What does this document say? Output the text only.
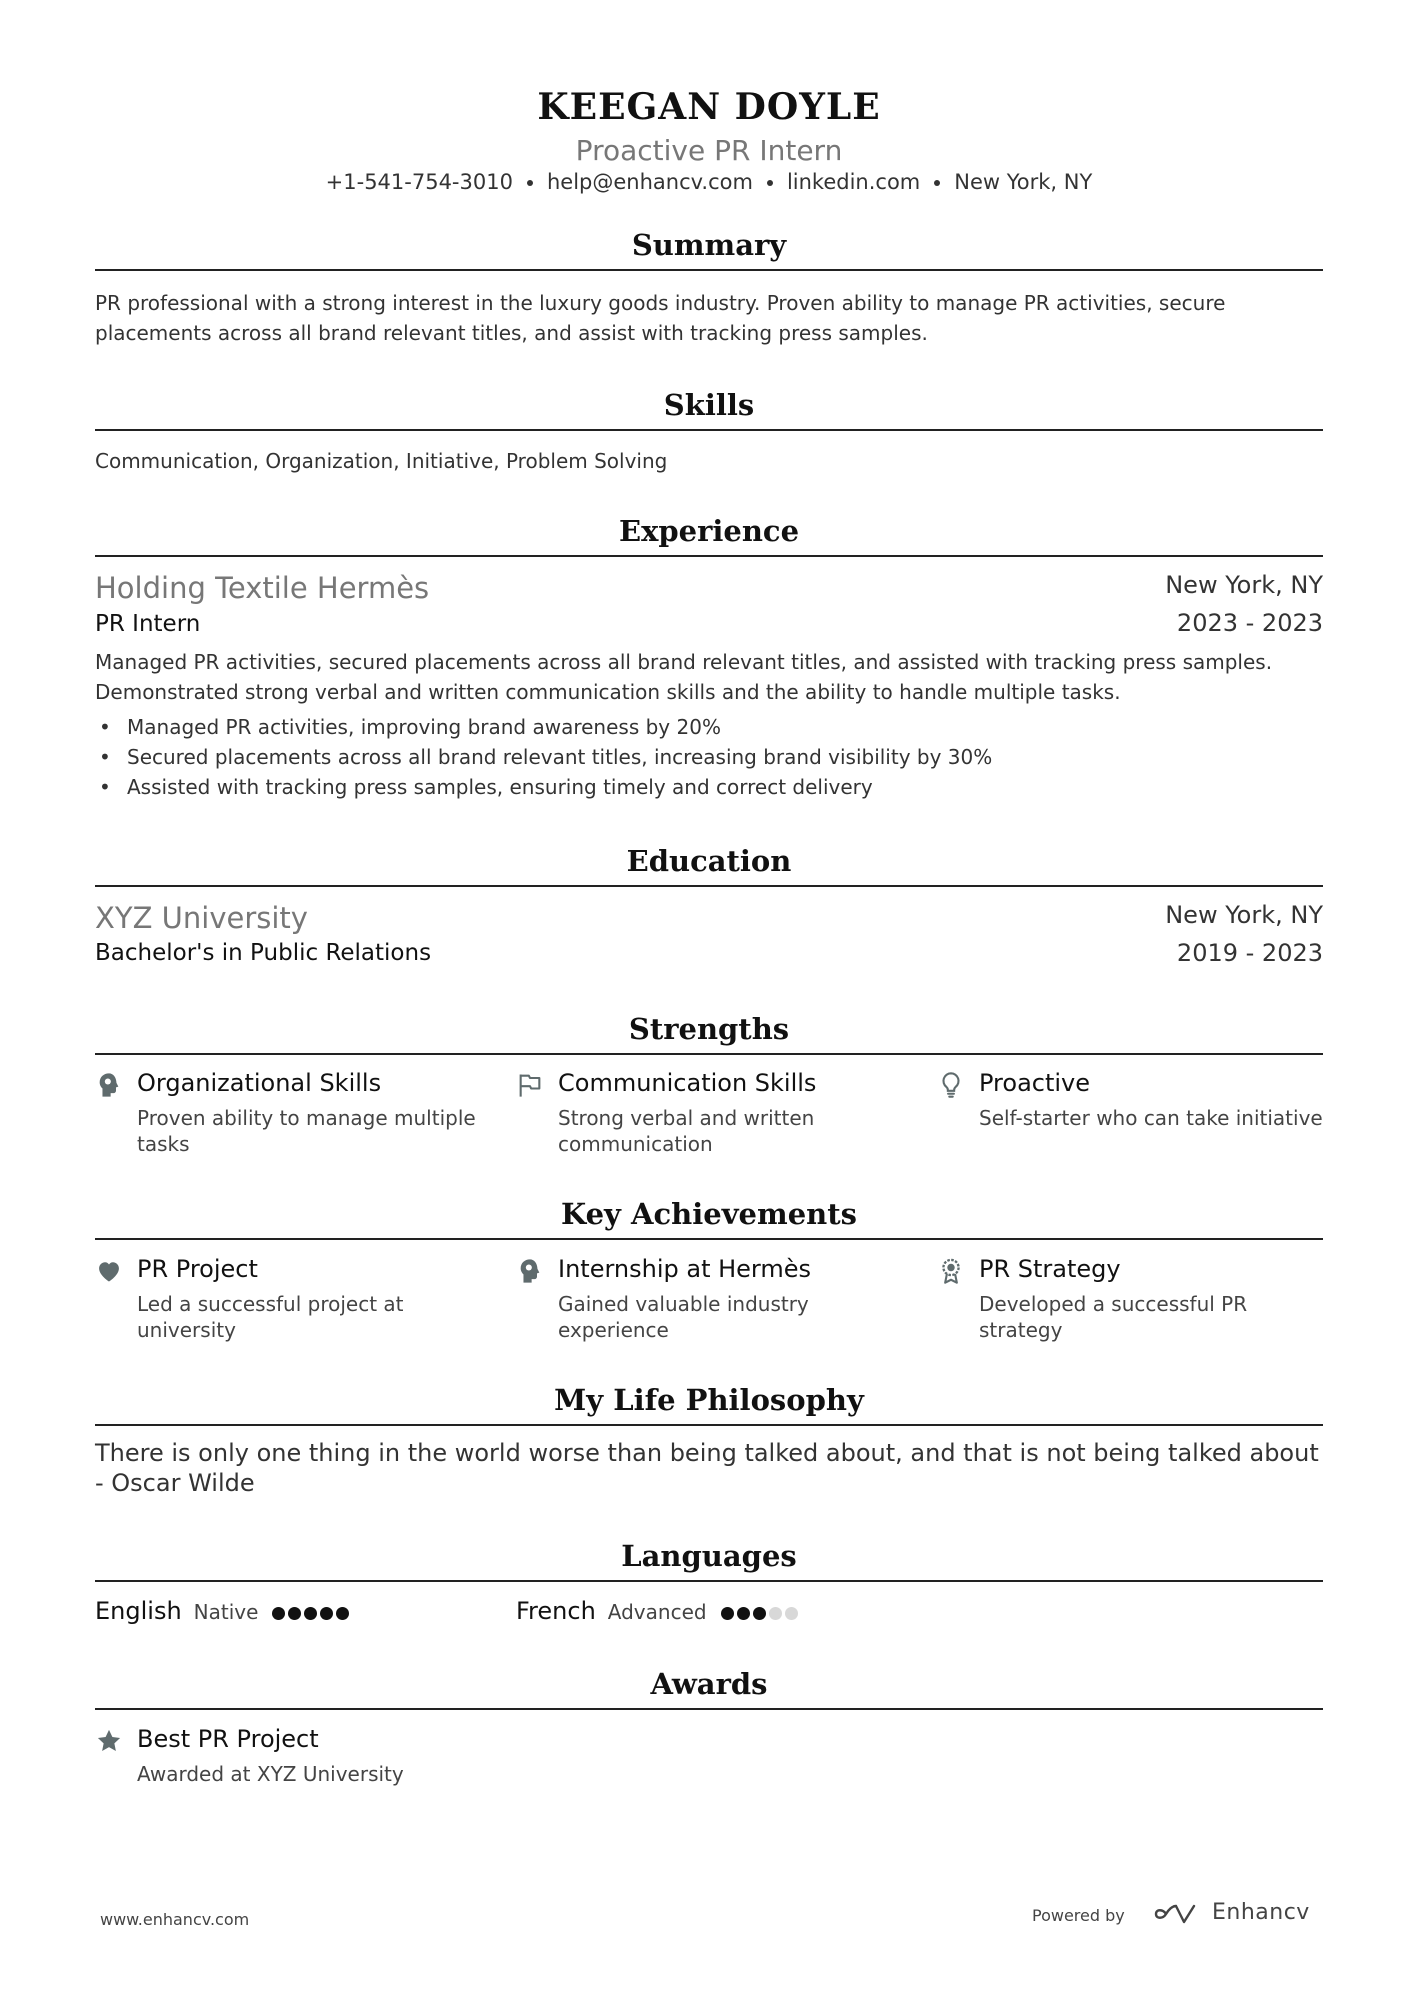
KEEGAN DOYLE
Proactive PR Intern
+1-541-754-3010 help@enhancv.com linkedin.com New York, NY
Summary
PR professional with a strong interest in the luxury goods industry. Proven ability to manage PR activities, secure placements across all brand relevant titles, and assist with tracking press samples.
Skills
Communication, Organization, Initiative, Problem Solving
Experience
Holding Textile Hermès	New York, NY
PR Intern	2023 - 2023
Managed PR activities, secured placements across all brand relevant titles, and assisted with tracking press samples. Demonstrated strong verbal and written communication skills and the ability to handle multiple tasks.
• Managed PR activities, improving brand awareness by 20%
• Secured placements across all brand relevant titles, increasing brand visibility by 30%
• Assisted with tracking press samples, ensuring timely and correct delivery
Education
XYZ University	New York, NY
Bachelor's in Public Relations	2019 - 2023
Strengths
Organizational Skills
Proven ability to manage multiple tasks
Communication Skills
Strong verbal and written communication
Proactive
Self-starter who can take initiative
Key Achievements
PR Project
Led a successful project at university
Internship at Hermès
Gained valuable industry experience
PR Strategy
Developed a successful PR strategy
My Life Philosophy
There is only one thing in the world worse than being talked about, and that is not being talked about - Oscar Wilde
Languages
English Native	French Advanced
Awards
Best PR Project
Awarded at XYZ University
www.enhancv.com	Powered by	Enhancv
